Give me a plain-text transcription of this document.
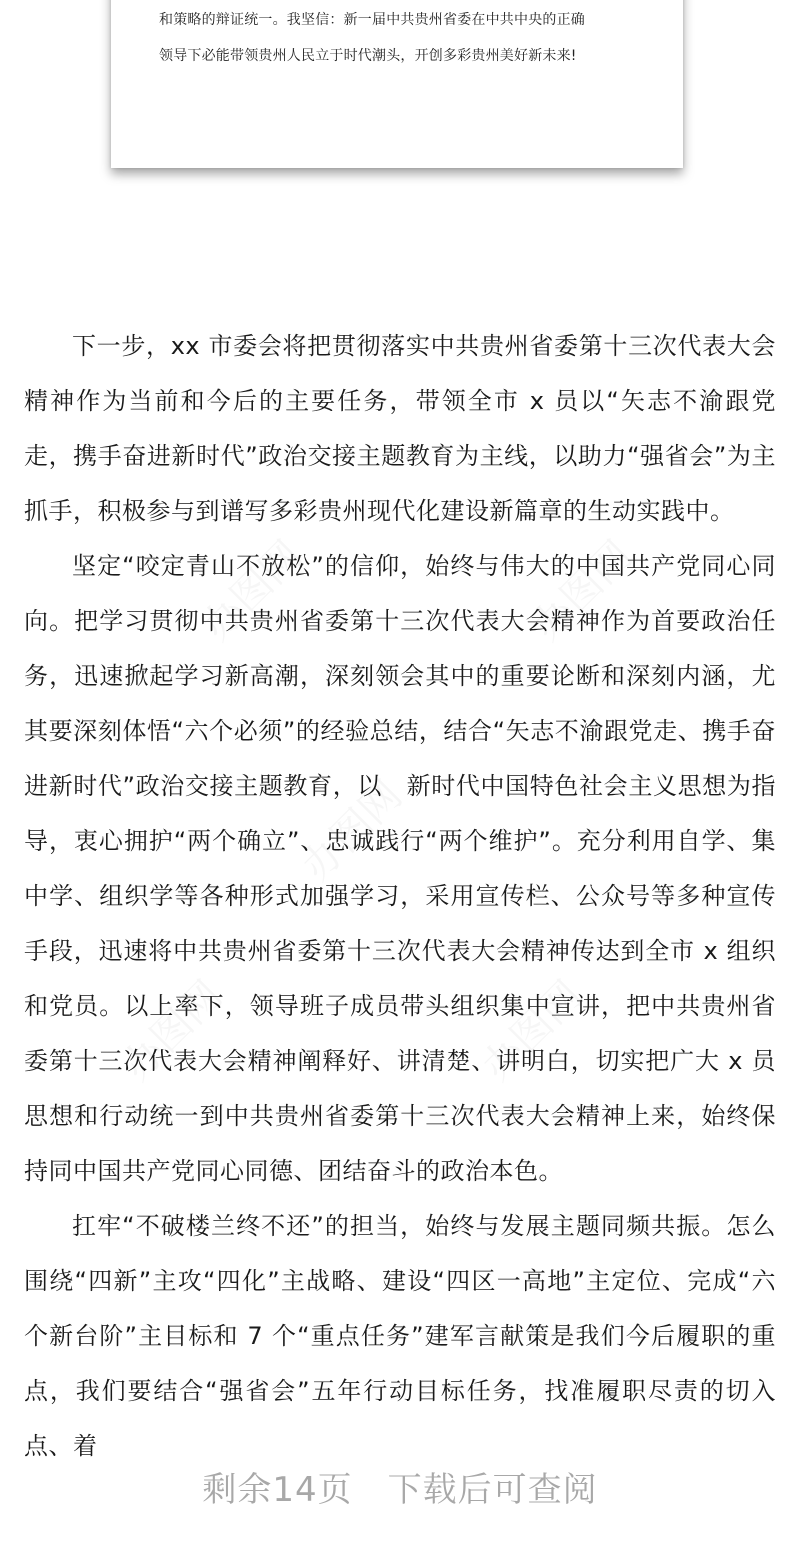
和策略的辩证统一。我坚信：新一届中共贵州省委在中共中央的正确
领导下必能带领贵州人民立于时代潮头，开创多彩贵州美好新未来!
办图网	办图网
办图网
办图网	办图网

下一步，xx 市委会将把贯彻落实中共贵州省委第十三次代表大会精神作为当前和今后的主要任务，带领全市 x 员以“矢志不渝跟党走，携手奋进新时代”政治交接主题教育为主线，以助力“强省会”为主抓手，积极参与到谱写多彩贵州现代化建设新篇章的生动实践中。

坚定“咬定青山不放松”的信仰，始终与伟大的中国共产党同心同向。把学习贯彻中共贵州省委第十三次代表大会精神作为首要政治任务，迅速掀起学习新高潮，深刻领会其中的重要论断和深刻内涵，尤其要深刻体悟“六个必须”的经验总结，结合“矢志不渝跟党走、携手奋进新时代”政治交接主题教育，以　新时代中国特色社会主义思想为指导，衷心拥护“两个确立”、忠诚践行“两个维护”。充分利用自学、集中学、组织学等各种形式加强学习，采用宣传栏、公众号等多种宣传手段，迅速将中共贵州省委第十三次代表大会精神传达到全市 x 组织和党员。以上率下，领导班子成员带头组织集中宣讲，把中共贵州省委第十三次代表大会精神阐释好、讲清楚、讲明白，切实把广大 x 员思想和行动统一到中共贵州省委第十三次代表大会精神上来，始终保持同中国共产党同心同德、团结奋斗的政治本色。

扛牢“不破楼兰终不还”的担当，始终与发展主题同频共振。怎么围绕“四新”主攻“四化”主战略、建设“四区一高地”主定位、完成“六个新台阶”主目标和 7 个“重点任务”建军言献策是我们今后履职的重点，我们要结合“强省会”五年行动目标任务，找准履职尽责的切入点、着

剩余14页　下载后可查阅
